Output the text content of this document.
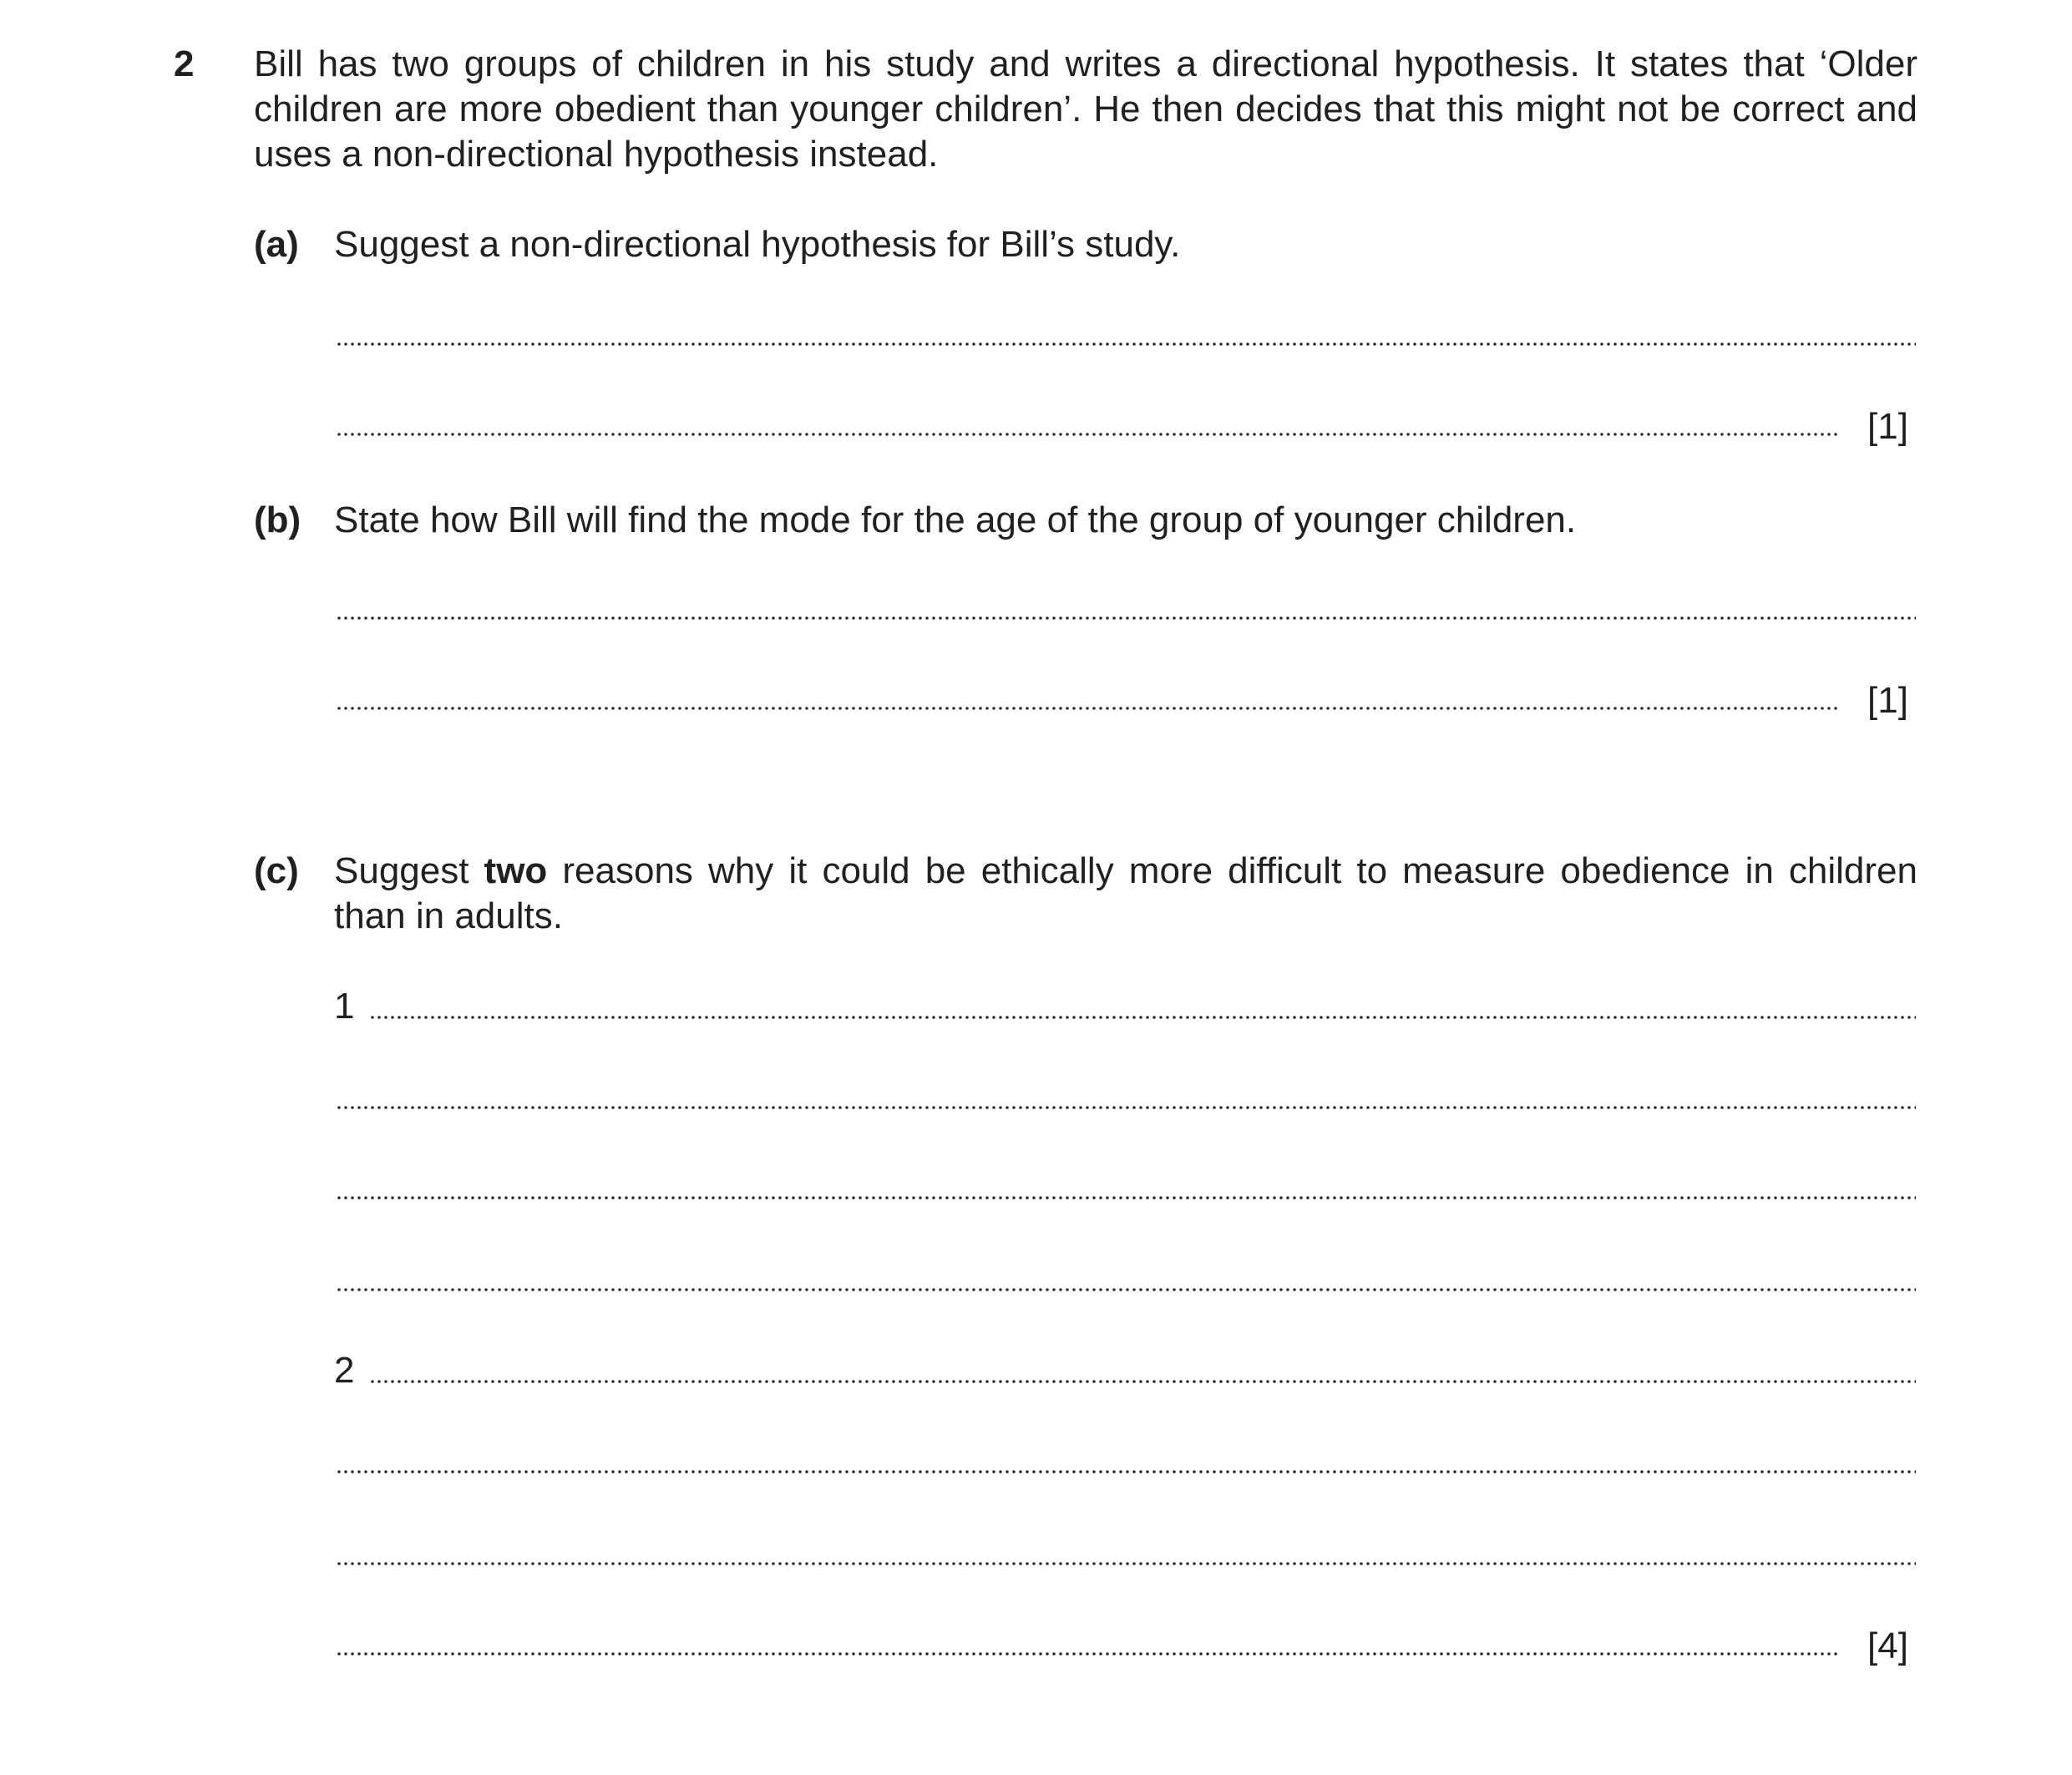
2 Bill has two groups of children in his study and writes a directional hypothesis. It states that ‘Older children are more obedient than younger children’. He then decides that this might not be correct and uses a non-directional hypothesis instead.

(a) Suggest a non-directional hypothesis for Bill’s study.

[1]
(b) State how Bill will find the mode for the age of the group of younger children.

[1]
(c) Suggest two reasons why it could be ethically more difficult to measure obedience in children than in adults.

1
2
[4]
